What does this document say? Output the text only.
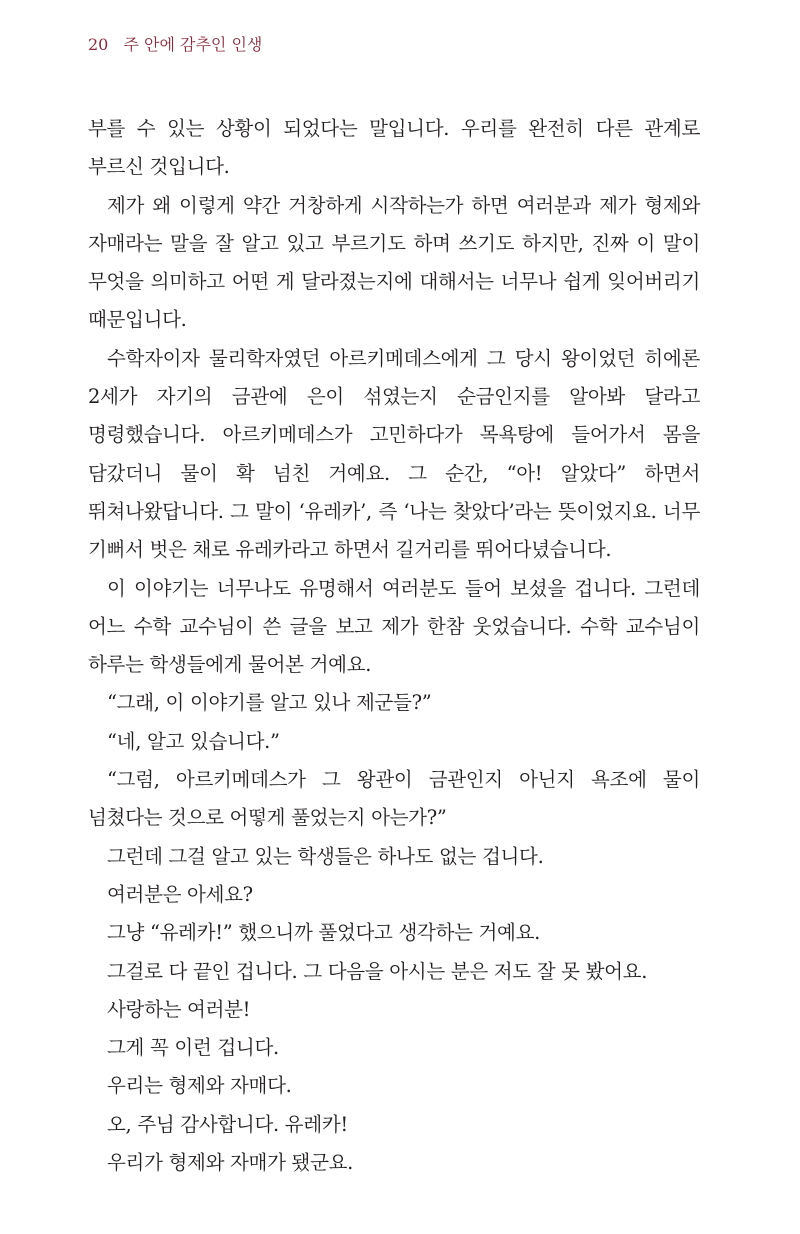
20 주 안에 감추인 인생

부를 수 있는 상황이 되었다는 말입니다. 우리를 완전히 다른 관계로 부르신 것입니다.

제가 왜 이렇게 약간 거창하게 시작하는가 하면 여러분과 제가 형제와 자매라는 말을 잘 알고 있고 부르기도 하며 쓰기도 하지만, 진짜 이 말이 무엇을 의미하고 어떤 게 달라졌는지에 대해서는 너무나 쉽게 잊어버리기 때문입니다.

수학자이자 물리학자였던 아르키메데스에게 그 당시 왕이었던 히에론 2세가 자기의 금관에 은이 섞였는지 순금인지를 알아봐 달라고 명령했습니다. 아르키메데스가 고민하다가 목욕탕에 들어가서 몸을 담갔더니 물이 확 넘친 거예요. 그 순간, “아! 알았다” 하면서 뛰쳐나왔답니다. 그 말이 ‘유레카’, 즉 ‘나는 찾았다’라는 뜻이었지요. 너무 기뻐서 벗은 채로 유레카라고 하면서 길거리를 뛰어다녔습니다.

이 이야기는 너무나도 유명해서 여러분도 들어 보셨을 겁니다. 그런데 어느 수학 교수님이 쓴 글을 보고 제가 한참 웃었습니다. 수학 교수님이 하루는 학생들에게 물어본 거예요.

“그래, 이 이야기를 알고 있나 제군들?”

“네, 알고 있습니다.”

“그럼, 아르키메데스가 그 왕관이 금관인지 아닌지 욕조에 물이 넘쳤다는 것으로 어떻게 풀었는지 아는가?”

그런데 그걸 알고 있는 학생들은 하나도 없는 겁니다.

여러분은 아세요?

그냥 “유레카!” 했으니까 풀었다고 생각하는 거예요.

그걸로 다 끝인 겁니다. 그 다음을 아시는 분은 저도 잘 못 봤어요.

사랑하는 여러분!

그게 꼭 이런 겁니다.

우리는 형제와 자매다.

오, 주님 감사합니다. 유레카!

우리가 형제와 자매가 됐군요.
